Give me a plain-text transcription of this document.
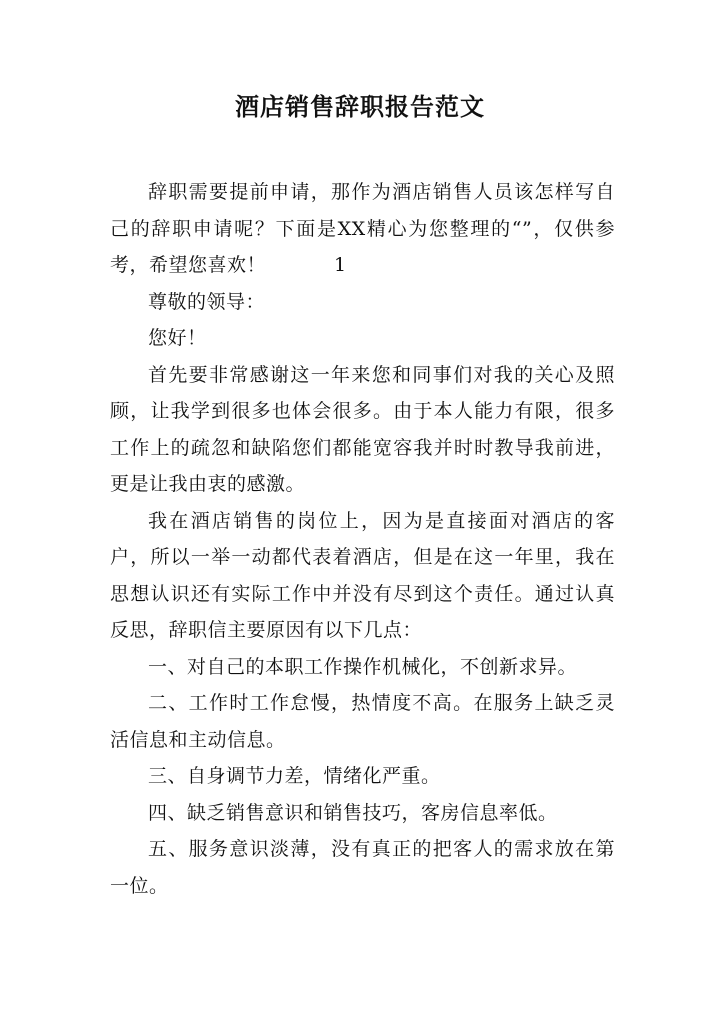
酒店销售辞职报告范文

辞职需要提前申请，那作为酒店销售人员该怎样写自己的辞职申请呢？下面是XX精心为您整理的“”，仅供参考，希望您喜欢！	1

尊敬的领导：

您好！

首先要非常感谢这一年来您和同事们对我的关心及照顾，让我学到很多也体会很多。由于本人能力有限，很多工作上的疏忽和缺陷您们都能宽容我并时时教导我前进，更是让我由衷的感激。

我在酒店销售的岗位上，因为是直接面对酒店的客户，所以一举一动都代表着酒店，但是在这一年里，我在思想认识还有实际工作中并没有尽到这个责任。通过认真反思，辞职信主要原因有以下几点：

一、对自己的本职工作操作机械化，不创新求异。

二、工作时工作怠慢，热情度不高。在服务上缺乏灵活信息和主动信息。

三、自身调节力差，情绪化严重。

四、缺乏销售意识和销售技巧，客房信息率低。

五、服务意识淡薄，没有真正的把客人的需求放在第一位。
